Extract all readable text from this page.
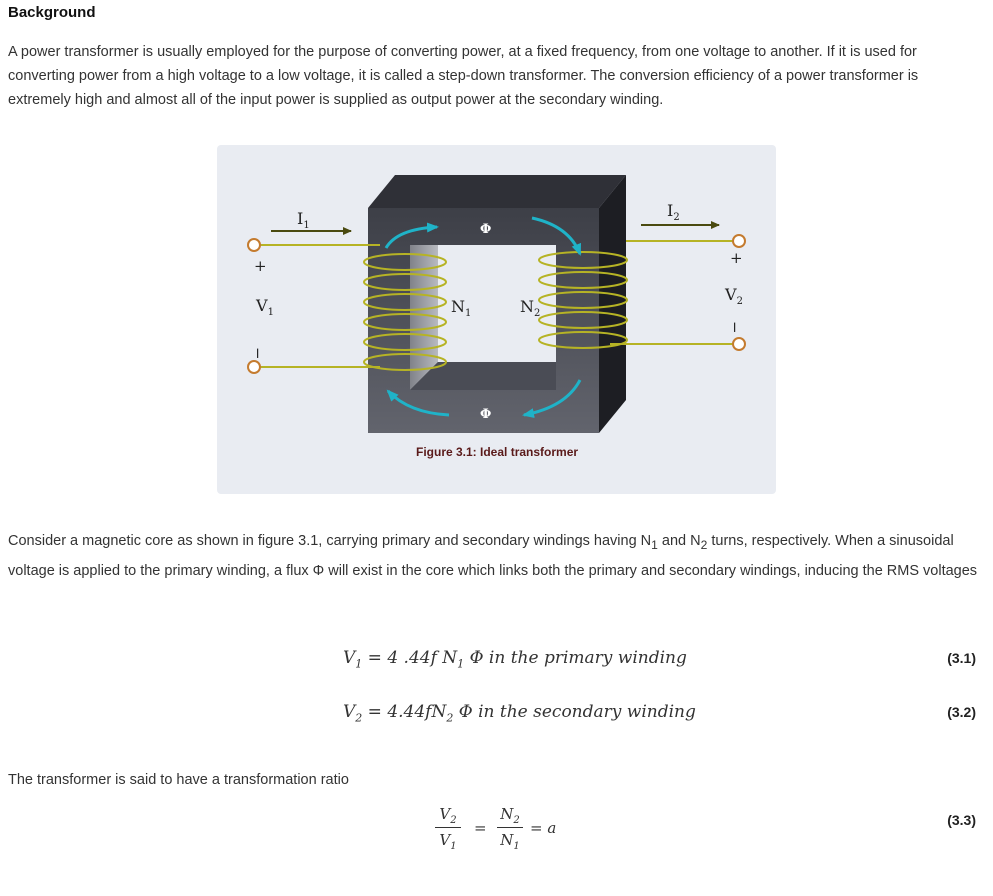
Background

A power transformer is usually employed for the purpose of converting power, at a fixed frequency, from one voltage to another. If it is used for converting power from a high voltage to a low voltage, it is called a step-down transformer. The conversion efficiency of a power transformer is extremely high and almost all of the input power is supplied as output power at the secondary winding.

Φ
Φ
$I_1$
$I_2$
+
−
$V_1$
+
−
$V_2$
$N_1$	$N_2$
Figure 3.1: Ideal transformer

Consider a magnetic core as shown in figure 3.1, carrying primary and secondary windings having $N_1$ and $N_2$ turns, respectively. When a sinusoidal voltage is applied to the primary winding, a flux Φ will exist in the core which links both the primary and secondary windings, inducing the RMS voltages

$V_1 = 4$ .44f $N_1$ Φ in the primary winding	(3.1)
$V_2 = 4.44fN_2$ Φ in the secondary winding	(3.2)

The transformer is said to have a transformation ratio

$V_2$
$V_1$
=
$N_2$
$N_1$
= a	(3.3)
